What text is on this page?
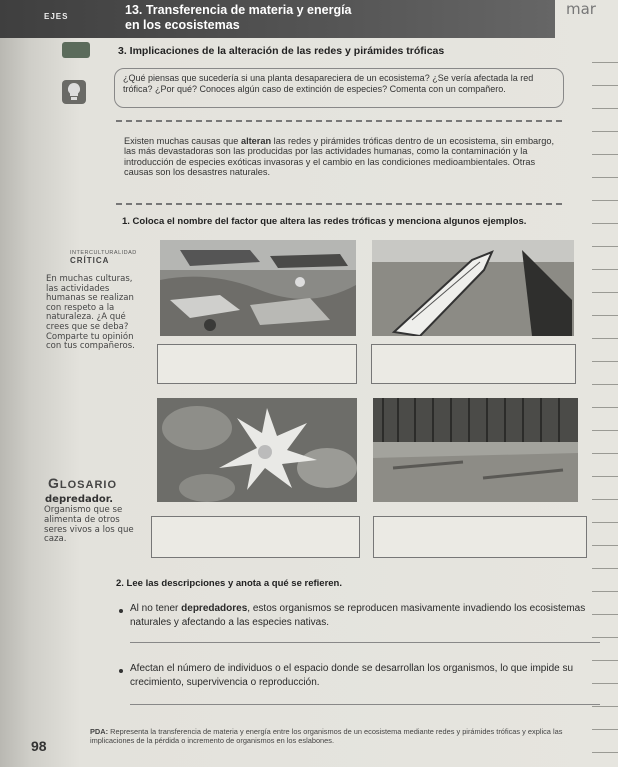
EJES	13. Transferencia de materia y energía
en los ecosistemas
mar
3. Implicaciones de la alteración de las redes y pirámides tróficas
¿Qué piensas que sucedería si una planta desapareciera de un ecosistema? ¿Se vería afectada la red trófica? ¿Por qué? Conoces algún caso de extinción de especies? Comenta con un compañero.
Existen muchas causas que alteran las redes y pirámides tróficas dentro de un ecosistema, sin embargo, las más devastadoras son las producidas por las actividades humanas, como la contaminación y la introducción de especies exóticas invasoras y el cambio en las condiciones medioambientales. Otras causas son los desastres naturales.
1. Coloca el nombre del factor que altera las redes tróficas y menciona algunos ejemplos.
INTERCULTURALIDAD
CRÍTICA
En muchas culturas, las actividades humanas se realizan con respeto a la naturaleza. ¿A qué crees que se deba? Comparte tu opinión con tus compañeros.
GLOSARIO
depredador.
Organismo que se alimenta de otros seres vivos a los que caza.
2. Lee las descripciones y anota a qué se refieren.
Al no tener depredadores, estos organismos se reproducen masivamente invadiendo los ecosistemas naturales y afectando a las especies nativas.
Afectan el número de individuos o el espacio donde se desarrollan los organismos, lo que impide su crecimiento, supervivencia o reproducción.
98
PDA: Representa la transferencia de materia y energía entre los organismos de un ecosistema mediante redes y pirámides tróficas y explica las implicaciones de la pérdida o incremento de organismos en los eslabones.
